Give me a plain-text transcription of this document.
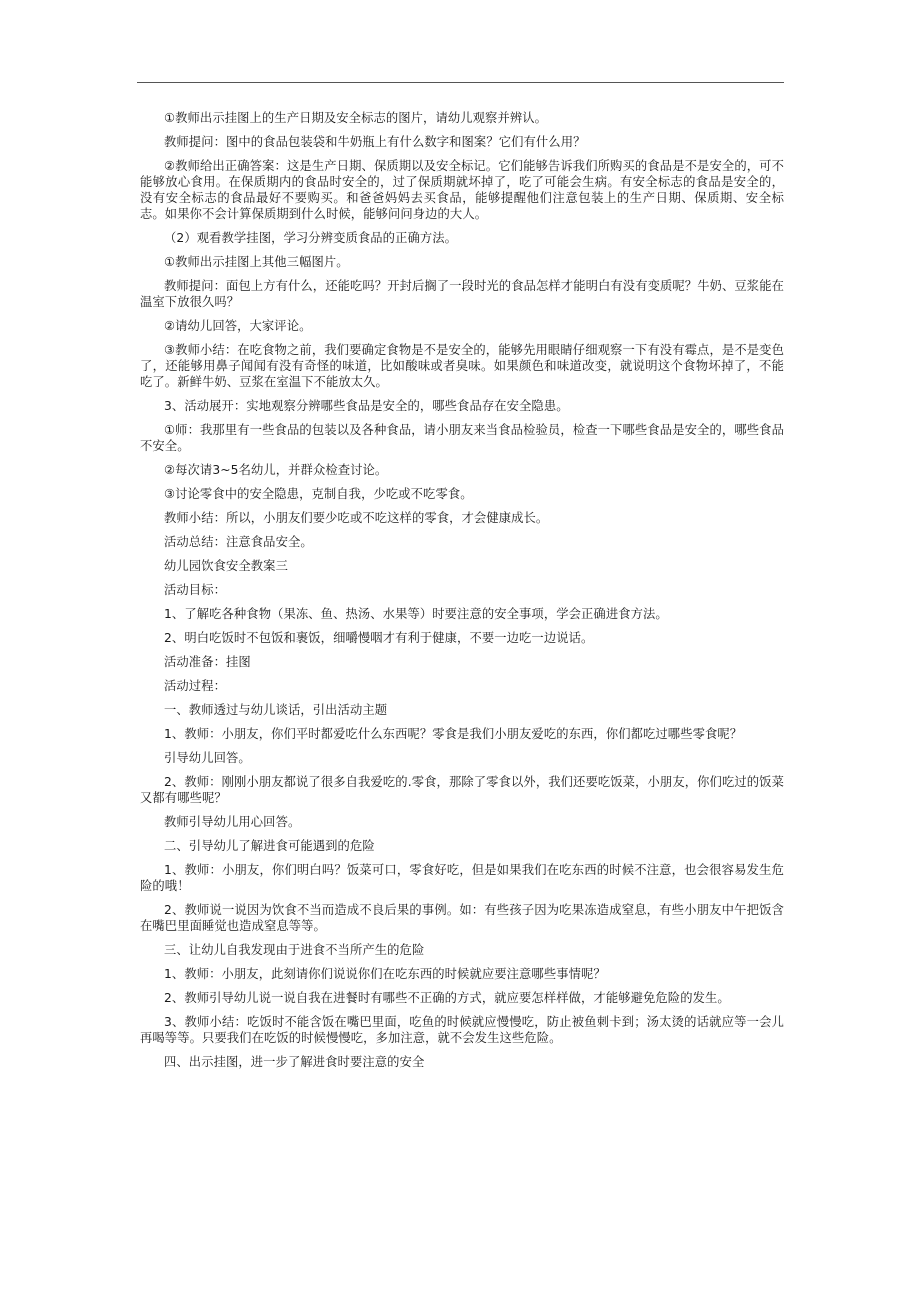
①教师出示挂图上的生产日期及安全标志的图片，请幼儿观察并辨认。

教师提问：图中的食品包装袋和牛奶瓶上有什么数字和图案？它们有什么用？

②教师给出正确答案：这是生产日期、保质期以及安全标记。它们能够告诉我们所购买的食品是不是安全的，可不能够放心食用。在保质期内的食品时安全的，过了保质期就坏掉了，吃了可能会生病。有安全标志的食品是安全的，没有安全标志的食品最好不要购买。和爸爸妈妈去买食品，能够提醒他们注意包装上的生产日期、保质期、安全标志。如果你不会计算保质期到什么时候，能够问问身边的大人。

（2）观看教学挂图，学习分辨变质食品的正确方法。

①教师出示挂图上其他三幅图片。

教师提问：面包上方有什么，还能吃吗？开封后搁了一段时光的食品怎样才能明白有没有变质呢？牛奶、豆浆能在温室下放很久吗？

②请幼儿回答，大家评论。

③教师小结：在吃食物之前，我们要确定食物是不是安全的，能够先用眼睛仔细观察一下有没有霉点，是不是变色了，还能够用鼻子闻闻有没有奇怪的味道，比如酸味或者臭味。如果颜色和味道改变，就说明这个食物坏掉了，不能吃了。新鲜牛奶、豆浆在室温下不能放太久。

3、活动展开：实地观察分辨哪些食品是安全的，哪些食品存在安全隐患。

①师：我那里有一些食品的包装以及各种食品，请小朋友来当食品检验员，检查一下哪些食品是安全的，哪些食品不安全。

②每次请3~5名幼儿，并群众检查讨论。

③讨论零食中的安全隐患，克制自我，少吃或不吃零食。

教师小结：所以，小朋友们要少吃或不吃这样的零食，才会健康成长。

活动总结：注意食品安全。

幼儿园饮食安全教案三

活动目标：

1、了解吃各种食物（果冻、鱼、热汤、水果等）时要注意的安全事项，学会正确进食方法。

2、明白吃饭时不包饭和裹饭，细嚼慢咽才有利于健康，不要一边吃一边说话。

活动准备：挂图

活动过程：

一、教师透过与幼儿谈话，引出活动主题

1、教师：小朋友，你们平时都爱吃什么东西呢？零食是我们小朋友爱吃的东西，你们都吃过哪些零食呢？

引导幼儿回答。

2、教师：刚刚小朋友都说了很多自我爱吃的.零食，那除了零食以外，我们还要吃饭菜，小朋友，你们吃过的饭菜又都有哪些呢？

教师引导幼儿用心回答。

二、引导幼儿了解进食可能遇到的危险

1、教师：小朋友，你们明白吗？饭菜可口，零食好吃，但是如果我们在吃东西的时候不注意，也会很容易发生危险的哦！

2、教师说一说因为饮食不当而造成不良后果的事例。如：有些孩子因为吃果冻造成窒息，有些小朋友中午把饭含在嘴巴里面睡觉也造成窒息等等。

三、让幼儿自我发现由于进食不当所产生的危险

1、教师：小朋友，此刻请你们说说你们在吃东西的时候就应要注意哪些事情呢？

2、教师引导幼儿说一说自我在进餐时有哪些不正确的方式，就应要怎样样做，才能够避免危险的发生。

3、教师小结：吃饭时不能含饭在嘴巴里面，吃鱼的时候就应慢慢吃，防止被鱼刺卡到；汤太烫的话就应等一会儿再喝等等。只要我们在吃饭的时候慢慢吃，多加注意，就不会发生这些危险。

四、出示挂图，进一步了解进食时要注意的安全
